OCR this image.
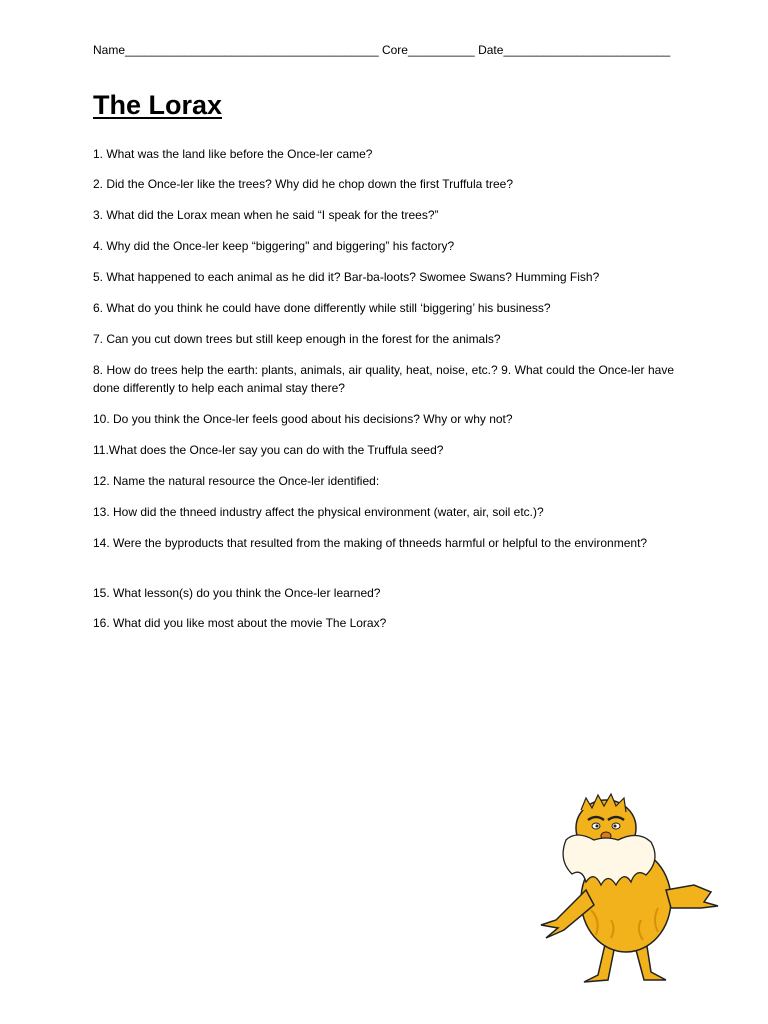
Name______________________________________ Core__________ Date_________________________
The Lorax
1. What was the land like before the Once-ler came?
2. Did the Once-ler like the trees? Why did he chop down the first Truffula tree?
3. What did the Lorax mean when he said “I speak for the trees?”
4. Why did the Once-ler keep “biggering" and biggering” his factory?
5. What happened to each animal as he did it? Bar-ba-loots? Swomee Swans? Humming Fish?
6. What do you think he could have done differently while still ‘biggering’ his business?
7. Can you cut down trees but still keep enough in the forest for the animals?
8. How do trees help the earth: plants, animals, air quality, heat, noise, etc.? 9. What could the Once-ler have done differently to help each animal stay there?
10. Do you think the Once-ler feels good about his decisions? Why or why not?
11.What does the Once-ler say you can do with the Truffula seed?
12. Name the natural resource the Once-ler identified:
13. How did the thneed industry affect the physical environment (water, air, soil etc.)?
14. Were the byproducts that resulted from the making of thneeds harmful or helpful to the environment?
15. What lesson(s) do you think the Once-ler learned?
16. What did you like most about the movie The Lorax?
